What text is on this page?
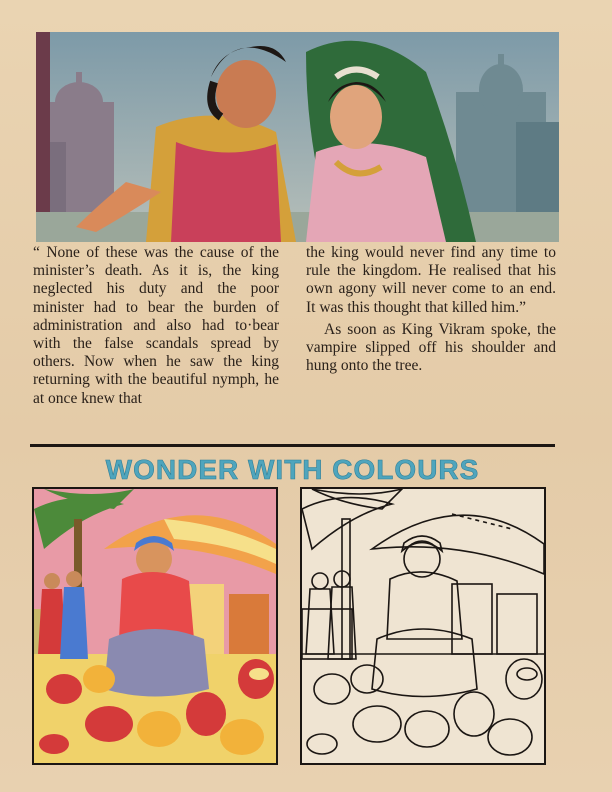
“ None of these was the cause of the minister’s death. As it is, the king neglected his duty and the poor minister had to bear the burden of administration and also had to·bear with the false scandals spread by others. Now when he saw the king returning with the beautiful nymph, he at once knew that

the king would never find any time to rule the kingdom. He realised that his own agony will never come to an end. It was this thought that killed him.”

As soon as King Vikram spoke, the vampire slipped off his shoulder and hung onto the tree.

WONDER WITH COLOURS
